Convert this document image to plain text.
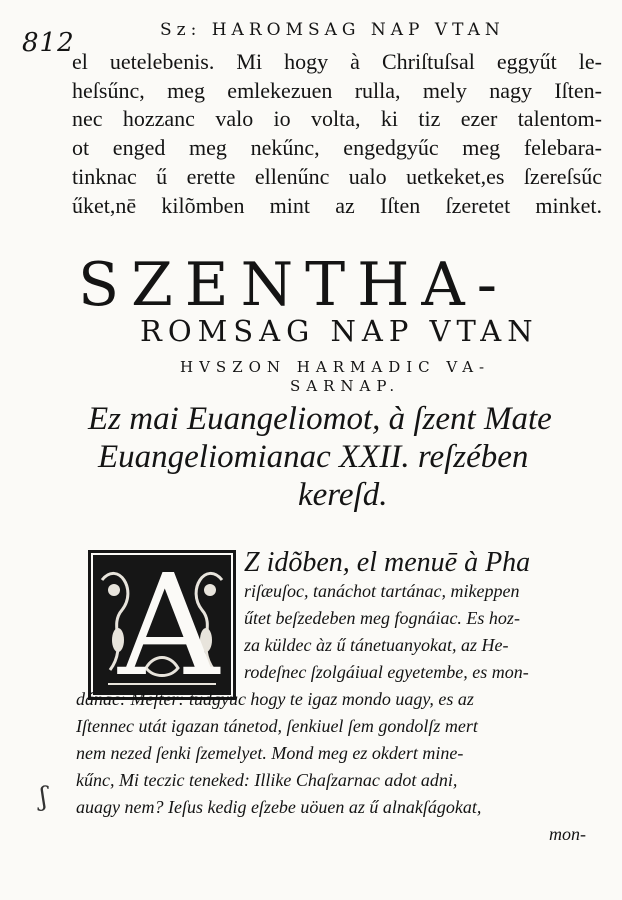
812	Sz: HAROMSAG NAP VTAN
el uetelebenis. Mi hogy à Chriſtuſsal eggyűt le-
heſsűnc, meg emlekezuen rulla, mely nagy Iſten-
nec hozzanc valo io volta, ki tiz ezer talentom-
ot enged meg nekűnc, engedgyűc meg felebara-
tinknac ű erette ellenűnc ualo uetkeket,es ſzereſsűc
űket,nē kilõmben mint az Iſten ſzeretet minket.
SZENTHA-
ROMSAG NAP VTAN
HVSZON HARMADIC VA-
SARNAP.
Ez mai Euangeliomot, à ſzent Mate
Euangeliomianac XXII. reſzében
kereſd.
A Z idõben, el menuē à Pha
riſæuſoc, tanáchot tartánac, mikeppen
űtet beſzedeben meg fognáiac. Es hoz-
za küldec àz ű tánetuanyokat, az He-
rodeſnec ſzolgáiual egyetembe, es mon-
dánac: Meſter: tudgyuc hogy te igaz mondo uagy, es az
Iſtennec utát igazan tánetod, ſenkiuel ſem gondolſz mert
nem nezed ſenki ſzemelyet. Mond meg ez okdert mine-
kűnc, Mi teczic teneked: Illike Chaſzarnac adot adni,
auagy nem? Ieſus kedig eſzebe uöuen az ű alnakſágokat,
mon-
ʃ
